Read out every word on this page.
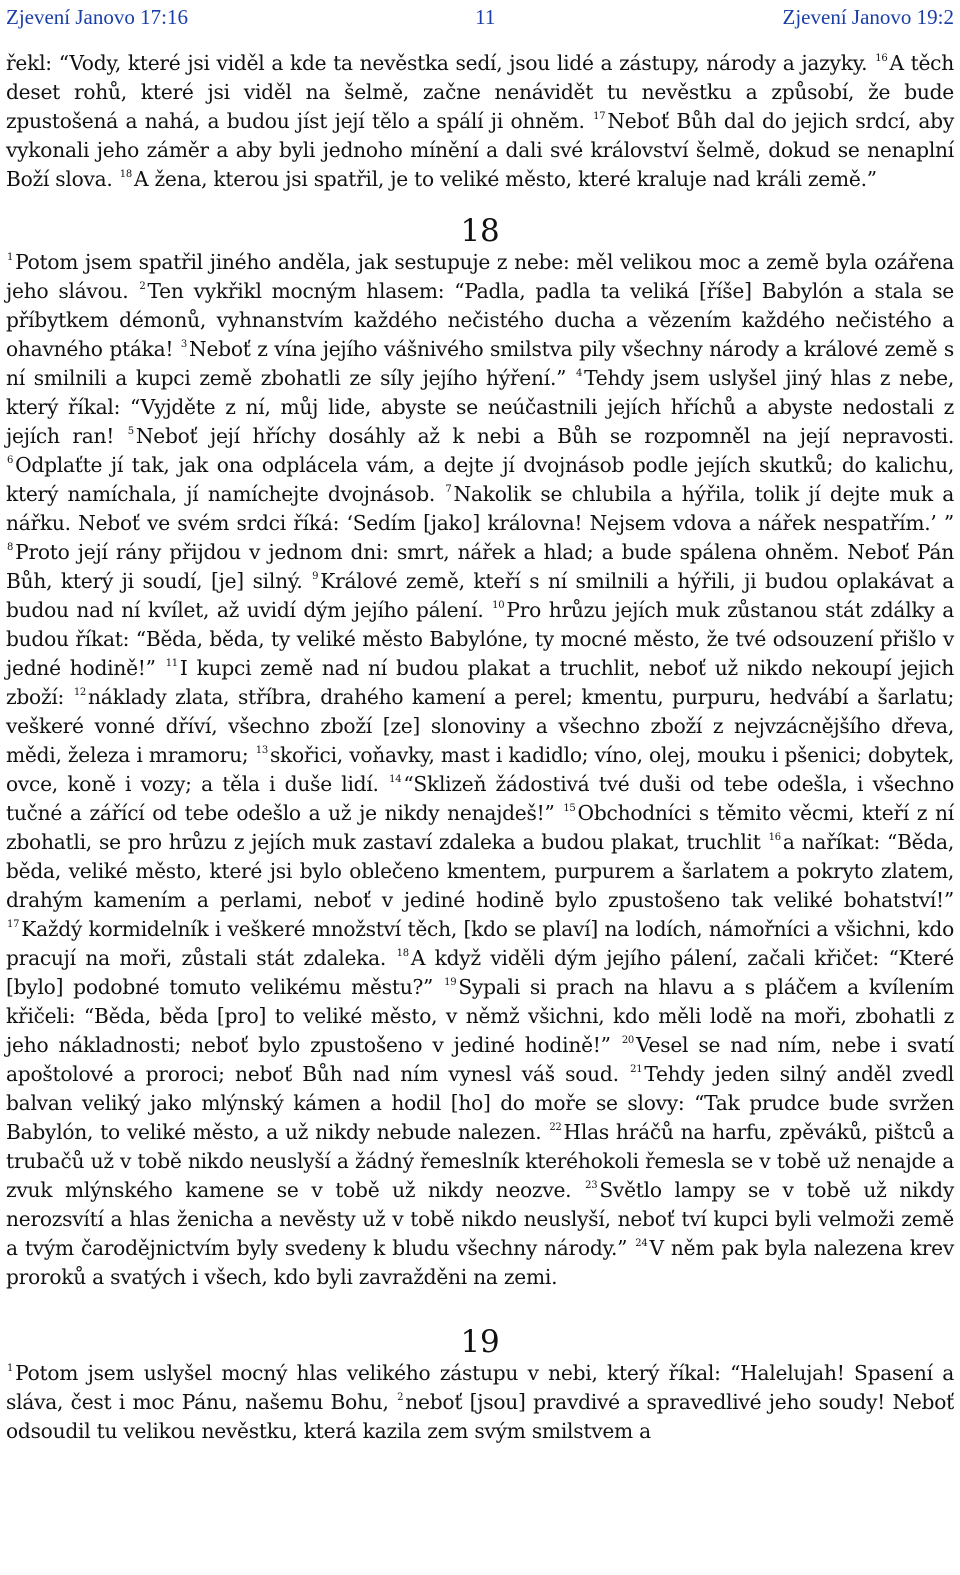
Zjevení Janovo 17:16	11	Zjevení Janovo 19:2

řekl: “Vody, které jsi viděl a kde ta nevěstka sedí, jsou lidé a zástupy, národy a jazyky. $^{16}$A těch deset rohů, které jsi viděl na šelmě, začne nenávidět tu nevěstku a způsobí, že bude zpustošená a nahá, a budou jíst její tělo a spálí ji ohněm. $^{17}$Neboť Bůh dal do jejich srdcí, aby vykonali jeho záměr a aby byli jednoho mínění a dali své království šelmě, dokud se nenaplní Boží slova. $^{18}$A žena, kterou jsi spatřil, je to veliké město, které kraluje nad králi země.”

18

$^1$Potom jsem spatřil jiného anděla, jak sestupuje z nebe: měl velikou moc a země byla ozářena jeho slávou. $^2$Ten vykřikl mocným hlasem: “Padla, padla ta veliká [říše] Babylón a stala se příbytkem démonů, vyhnanstvím každého nečistého ducha a vězením každého nečistého a ohavného ptáka! $^3$Neboť z vína jejího vášnivého smilstva pily všechny národy a králové země s ní smilnili a kupci země zbohatli ze síly jejího hýření.” $^4$Tehdy jsem uslyšel jiný hlas z nebe, který říkal: “Vyjděte z ní, můj lide, abyste se neúčastnili jejích hříchů a abyste nedostali z jejích ran! $^5$Neboť její hříchy dosáhly až k nebi a Bůh se rozpomněl na její nepravosti. $^6$Odplaťte jí tak, jak ona odplácela vám, a dejte jí dvojnásob podle jejích skutků; do kalichu, který namíchala, jí namíchejte dvojnásob. $^7$Nakolik se chlubila a hýřila, tolik jí dejte muk a nářku. Neboť ve svém srdci říká: ‘Sedím [jako] královna! Nejsem vdova a nářek nespatřím.’ ” $^8$Proto její rány přijdou v jednom dni: smrt, nářek a hlad; a bude spálena ohněm. Neboť Pán Bůh, který ji soudí, [je] silný. $^9$Králové země, kteří s ní smilnili a hýřili, ji budou oplakávat a budou nad ní kvílet, až uvidí dým jejího pálení. $^{10}$Pro hrůzu jejích muk zůstanou stát zdálky a budou říkat: “Běda, běda, ty veliké město Babylóne, ty mocné město, že tvé odsouzení přišlo v jedné hodině!” $^{11}$I kupci země nad ní budou plakat a truchlit, neboť už nikdo nekoupí jejich zboží: $^{12}$náklady zlata, stříbra, drahého kamení a perel; kmentu, purpuru, hedvábí a šarlatu; veškeré vonné dříví, všechno zboží [ze] slonoviny a všechno zboží z nejvzácnějšího dřeva, mědi, železa i mramoru; $^{13}$skořici, voňavky, mast i kadidlo; víno, olej, mouku i pšenici; dobytek, ovce, koně i vozy; a těla i duše lidí. $^{14}$“Sklizeň žádostivá tvé duši od tebe odešla, i všechno tučné a zářící od tebe odešlo a už je nikdy nenajdeš!” $^{15}$Obchodníci s těmito věcmi, kteří z ní zbohatli, se pro hrůzu z jejích muk zastaví zdaleka a budou plakat, truchlit $^{16}$a naříkat: “Běda, běda, veliké město, které jsi bylo oblečeno kmentem, purpurem a šarlatem a pokryto zlatem, drahým kamením a perlami, neboť v jediné hodině bylo zpustošeno tak veliké bohatství!” $^{17}$Každý kormidelník i veškeré množství těch, [kdo se plaví] na lodích, námořníci a všichni, kdo pracují na moři, zůstali stát zdaleka. $^{18}$A když viděli dým jejího pálení, začali křičet: “Které [bylo] podobné tomuto velikému městu?” $^{19}$Sypali si prach na hlavu a s pláčem a kvílením křičeli: “Běda, běda [pro] to veliké město, v němž všichni, kdo měli lodě na moři, zbohatli z jeho nákladnosti; neboť bylo zpustošeno v jediné hodině!” $^{20}$Vesel se nad ním, nebe i svatí apoštolové a proroci; neboť Bůh nad ním vynesl váš soud. $^{21}$Tehdy jeden silný anděl zvedl balvan veliký jako mlýnský kámen a hodil [ho] do moře se slovy: “Tak prudce bude svržen Babylón, to veliké město, a už nikdy nebude nalezen. $^{22}$Hlas hráčů na harfu, zpěváků, pištců a trubačů už v tobě nikdo neuslyší a žádný řemeslník kteréhokoli řemesla se v tobě už nenajde a zvuk mlýnského kamene se v tobě už nikdy neozve. $^{23}$Světlo lampy se v tobě už nikdy nerozsvítí a hlas ženicha a nevěsty už v tobě nikdo neuslyší, neboť tví kupci byli velmoži země a tvým čarodějnictvím byly svedeny k bludu všechny národy.” $^{24}$V něm pak byla nalezena krev proroků a svatých i všech, kdo byli zavražděni na zemi.

19

$^1$Potom jsem uslyšel mocný hlas velikého zástupu v nebi, který říkal: “Halelujah! Spasení a sláva, čest i moc Pánu, našemu Bohu, $^2$neboť [jsou] pravdivé a spravedlivé jeho soudy! Neboť odsoudil tu velikou nevěstku, která kazila zem svým smilstvem a
